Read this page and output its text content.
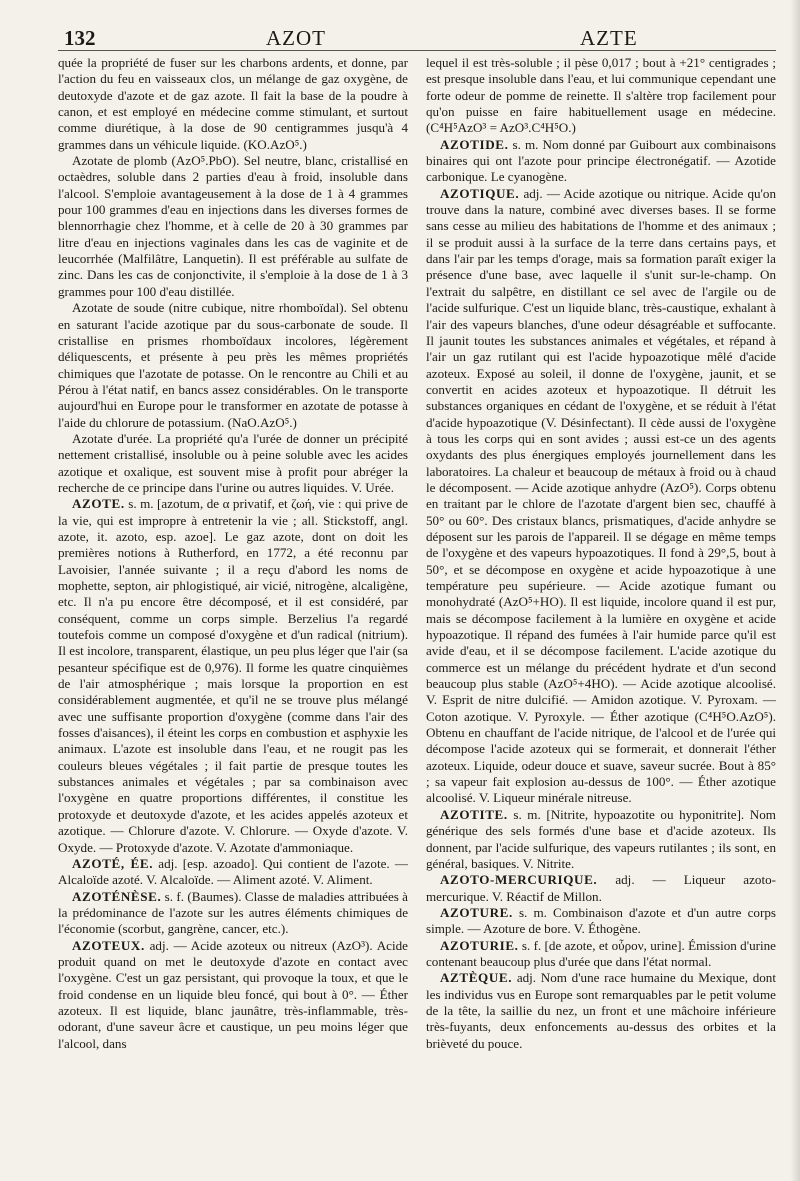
132	AZOT	AZTE

quée la propriété de fuser sur les charbons ardents, et donne, par l'action du feu en vaisseaux clos, un mélange de gaz oxygène, de deutoxyde d'azote et de gaz azote. Il fait la base de la poudre à canon, et est employé en médecine comme stimulant, et surtout comme diurétique, à la dose de 90 centigrammes jusqu'à 4 grammes dans un véhicule liquide. (KO.AzO⁵.)

Azotate de plomb (AzO⁵.PbO). Sel neutre, blanc, cristallisé en octaèdres, soluble dans 2 parties d'eau à froid, insoluble dans l'alcool. S'emploie avantageusement à la dose de 1 à 4 grammes pour 100 grammes d'eau en injections dans les diverses formes de blennorrhagie chez l'homme, et à celle de 20 à 30 grammes par litre d'eau en injections vaginales dans les cas de vaginite et de leucorrhée (Malfilâtre, Lanquetin). Il est préférable au sulfate de zinc. Dans les cas de conjonctivite, il s'emploie à la dose de 1 à 3 grammes pour 100 d'eau distillée.

Azotate de soude (nitre cubique, nitre rhomboïdal). Sel obtenu en saturant l'acide azotique par du sous-carbonate de soude. Il cristallise en prismes rhomboïdaux incolores, légèrement déliquescents, et présente à peu près les mêmes propriétés chimiques que l'azotate de potasse. On le rencontre au Chili et au Pérou à l'état natif, en bancs assez considérables. On le transporte aujourd'hui en Europe pour le transformer en azotate de potasse à l'aide du chlorure de potassium. (NaO.AzO⁵.)

Azotate d'urée. La propriété qu'a l'urée de donner un précipité nettement cristallisé, insoluble ou à peine soluble avec les acides azotique et oxalique, est souvent mise à profit pour abréger la recherche de ce principe dans l'urine ou autres liquides. V. Urée.

AZOTE. s. m. [azotum, de α privatif, et ζωή, vie : qui prive de la vie, qui est impropre à entretenir la vie ; all. Stickstoff, angl. azote, it. azoto, esp. azoe]. Le gaz azote, dont on doit les premières notions à Rutherford, en 1772, a été reconnu par Lavoisier, l'année suivante ; il a reçu d'abord les noms de mophette, septon, air phlogistiqué, air vicié, nitrogène, alcaligène, etc. Il n'a pu encore être décomposé, et il est considéré, par conséquent, comme un corps simple. Berzelius l'a regardé toutefois comme un composé d'oxygène et d'un radical (nitrium). Il est incolore, transparent, élastique, un peu plus léger que l'air (sa pesanteur spécifique est de 0,976). Il forme les quatre cinquièmes de l'air atmosphérique ; mais lorsque la proportion en est considérablement augmentée, et qu'il ne se trouve plus mélangé avec une suffisante proportion d'oxygène (comme dans l'air des fosses d'aisances), il éteint les corps en combustion et asphyxie les animaux. L'azote est insoluble dans l'eau, et ne rougit pas les couleurs bleues végétales ; il fait partie de presque toutes les substances animales et végétales ; par sa combinaison avec l'oxygène en quatre proportions différentes, il constitue les protoxyde et deutoxyde d'azote, et les acides appelés azoteux et azotique. — Chlorure d'azote. V. Chlorure. — Oxyde d'azote. V. Oxyde. — Protoxyde d'azote. V. Azotate d'ammoniaque.

AZOTÉ, ÉE. adj. [esp. azoado]. Qui contient de l'azote. — Alcaloïde azoté. V. Alcaloïde. — Aliment azoté. V. Aliment.

AZOTÉNÈSE. s. f. (Baumes). Classe de maladies attribuées à la prédominance de l'azote sur les autres éléments chimiques de l'économie (scorbut, gangrène, cancer, etc.).

AZOTEUX. adj. — Acide azoteux ou nitreux (AzO³). Acide produit quand on met le deutoxyde d'azote en contact avec l'oxygène. C'est un gaz persistant, qui provoque la toux, et que le froid condense en un liquide bleu foncé, qui bout à 0°. — Éther azoteux. Il est liquide, blanc jaunâtre, très-inflammable, très-odorant, d'une saveur âcre et caustique, un peu moins léger que l'alcool, dans

lequel il est très-soluble ; il pèse 0,017 ; bout à +21° centigrades ; est presque insoluble dans l'eau, et lui communique cependant une forte odeur de pomme de reinette. Il s'altère trop facilement pour qu'on puisse en faire habituellement usage en médecine. (C⁴H⁵AzO³ = AzO³.C⁴H⁵O.)

AZOTIDE. s. m. Nom donné par Guibourt aux combinaisons binaires qui ont l'azote pour principe électronégatif. — Azotide carbonique. Le cyanogène.

AZOTIQUE. adj. — Acide azotique ou nitrique. Acide qu'on trouve dans la nature, combiné avec diverses bases. Il se forme sans cesse au milieu des habitations de l'homme et des animaux ; il se produit aussi à la surface de la terre dans certains pays, et dans l'air par les temps d'orage, mais sa formation paraît exiger la présence d'une base, avec laquelle il s'unit sur-le-champ. On l'extrait du salpêtre, en distillant ce sel avec de l'argile ou de l'acide sulfurique. C'est un liquide blanc, très-caustique, exhalant à l'air des vapeurs blanches, d'une odeur désagréable et suffocante. Il jaunit toutes les substances animales et végétales, et répand à l'air un gaz rutilant qui est l'acide hypoazotique mêlé d'acide azoteux. Exposé au soleil, il donne de l'oxygène, jaunit, et se convertit en acides azoteux et hypoazotique. Il détruit les substances organiques en cédant de l'oxygène, et se réduit à l'état d'acide hypoazotique (V. Désinfectant). Il cède aussi de l'oxygène à tous les corps qui en sont avides ; aussi est-ce un des agents oxydants des plus énergiques employés journellement dans les laboratoires. La chaleur et beaucoup de métaux à froid ou à chaud le décomposent. — Acide azotique anhydre (AzO⁵). Corps obtenu en traitant par le chlore de l'azotate d'argent bien sec, chauffé à 50° ou 60°. Des cristaux blancs, prismatiques, d'acide anhydre se déposent sur les parois de l'appareil. Il se dégage en même temps de l'oxygène et des vapeurs hypoazotiques. Il fond à 29°,5, bout à 50°, et se décompose en oxygène et acide hypoazotique à une température peu supérieure. — Acide azotique fumant ou monohydraté (AzO⁵+HO). Il est liquide, incolore quand il est pur, mais se décompose facilement à la lumière en oxygène et acide hypoazotique. Il répand des fumées à l'air humide parce qu'il est avide d'eau, et il se décompose facilement. L'acide azotique du commerce est un mélange du précédent hydrate et d'un second beaucoup plus stable (AzO⁵+4HO). — Acide azotique alcoolisé. V. Esprit de nitre dulcifié. — Amidon azotique. V. Pyroxam. — Coton azotique. V. Pyroxyle. — Éther azotique (C⁴H⁵O.AzO⁵). Obtenu en chauffant de l'acide nitrique, de l'alcool et de l'urée qui décompose l'acide azoteux qui se formerait, et donnerait l'éther azoteux. Liquide, odeur douce et suave, saveur sucrée. Bout à 85° ; sa vapeur fait explosion au-dessus de 100°. — Éther azotique alcoolisé. V. Liqueur minérale nitreuse.

AZOTITE. s. m. [Nitrite, hypoazotite ou hyponitrite]. Nom générique des sels formés d'une base et d'acide azoteux. Ils donnent, par l'acide sulfurique, des vapeurs rutilantes ; ils sont, en général, basiques. V. Nitrite.

AZOTO-MERCURIQUE. adj. — Liqueur azoto-mercurique. V. Réactif de Millon.

AZOTURE. s. m. Combinaison d'azote et d'un autre corps simple. — Azoture de bore. V. Éthogène.

AZOTURIE. s. f. [de azote, et οὖρον, urine]. Émission d'urine contenant beaucoup plus d'urée que dans l'état normal.

AZTÈQUE. adj. Nom d'une race humaine du Mexique, dont les individus vus en Europe sont remarquables par le petit volume de la tête, la saillie du nez, un front et une mâchoire inférieure très-fuyants, deux enfoncements au-dessus des orbites et la brièveté du pouce.
